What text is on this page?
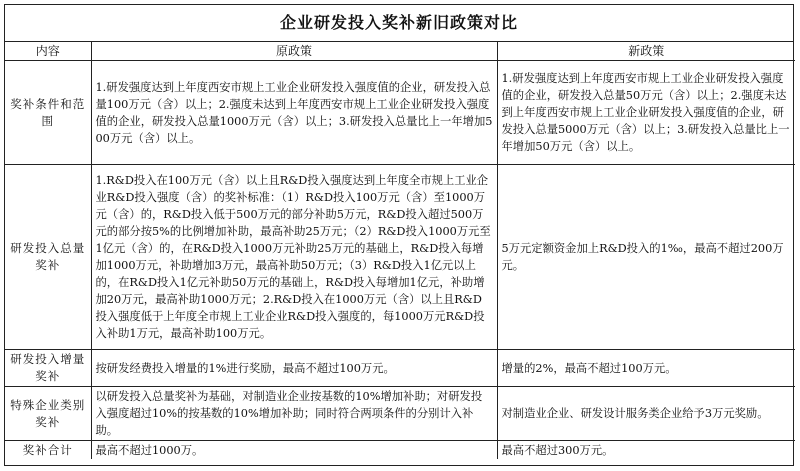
企业研发投入奖补新旧政策对比
内容	原政策	新政策
奖补条件和范围	1.研发强度达到上年度西安市规上工业企业研发投入强度值的企业，研发投入总量100万元（含）以上；2.强度未达到上年度西安市规上工业企业研发投入强度值的企业，研发投入总量1000万元（含）以上；3.研发投入总量比上一年增加500万元（含）以上。	1.研发强度达到上年度西安市规上工业企业研发投入强度值的企业，研发投入总量50万元（含）以上；2.强度未达到上年度西安市规上工业企业研发投入强度值的企业，研发投入总量5000万元（含）以上；3.研发投入总量比上一年增加50万元（含）以上。
研发投入总量奖补	1.R&D投入在100万元（含）以上且R&D投入强度达到上年度全市规上工业企业R&D投入强度（含）的奖补标准：（1）R&D投入100万元（含）至1000万元（含）的，R&D投入低于500万元的部分补助5万元，R&D投入超过500万元的部分按5%的比例增加补助，最高补助25万元；（2）R&D投入1000万元至1亿元（含）的，在R&D投入1000万元补助25万元的基础上，R&D投入每增加1000万元，补助增加3万元，最高补助50万元；（3）R&D投入1亿元以上的，在R&D投入1亿元补助50万元的基础上，R&D投入每增加1亿元，补助增加20万元，最高补助1000万元；2.R&D投入在1000万元（含）以上且R&D投入强度低于上年度全市规上工业企业R&D投入强度的，每1000万元R&D投入补助1万元，最高补助100万元。	5万元定额资金加上R&D投入的1‰，最高不超过200万元。
研发投入增量奖补	按研发经费投入增量的1%进行奖励，最高不超过100万元。	增量的2%，最高不超过100万元。
特殊企业类别奖补	以研发投入总量奖补为基础，对制造业企业按基数的10%增加补助；对研发投入强度超过10%的按基数的10%增加补助；同时符合两项条件的分别计入补助。	对制造业企业、研发设计服务类企业给予3万元奖励。
奖补合计	最高不超过1000万。	最高不超过300万元。
